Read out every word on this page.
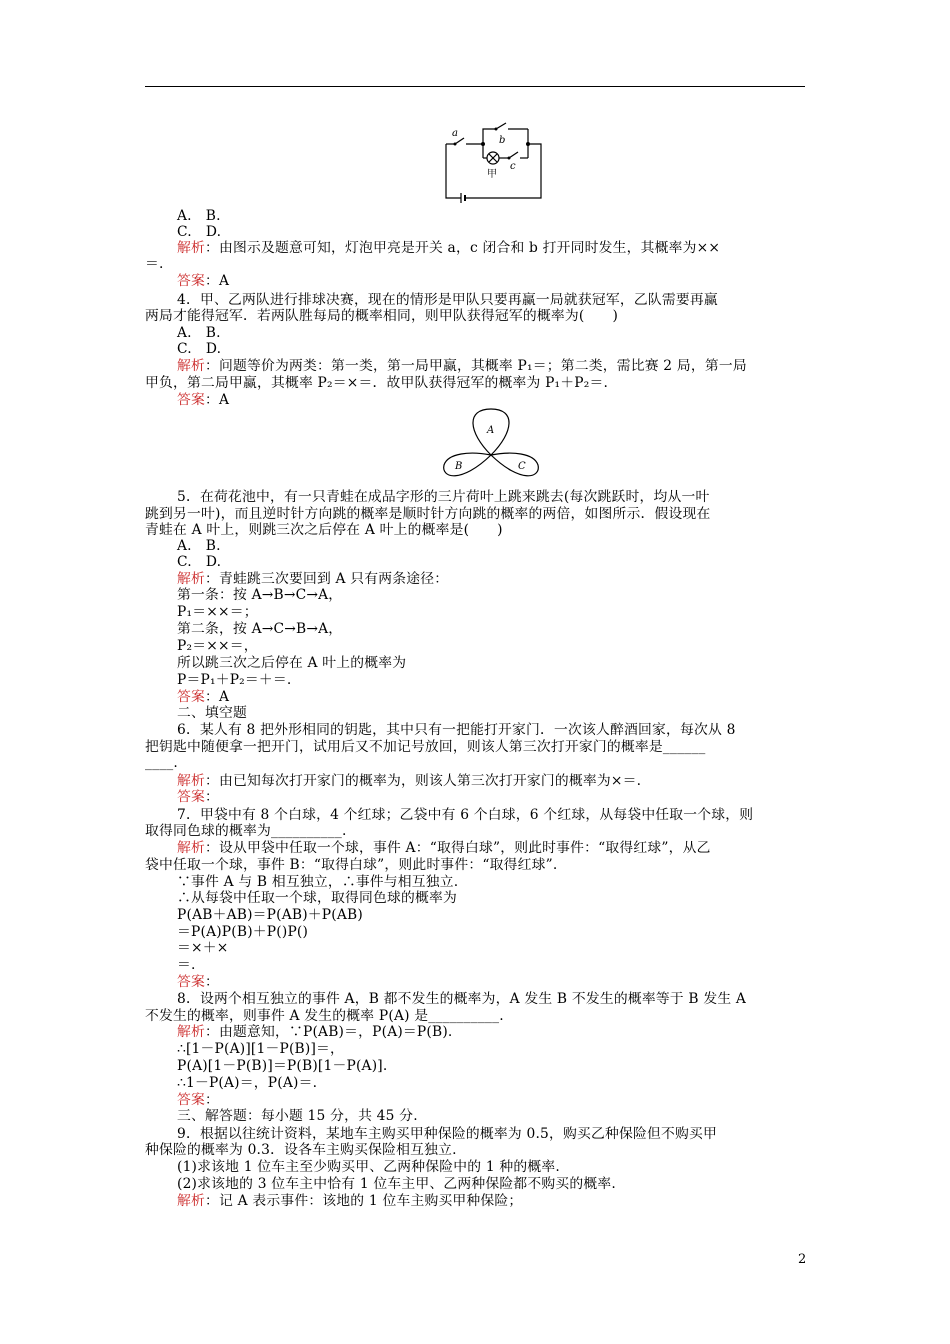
a
b
c
甲
A
B	C
A.　B.
C.　D.
解析：由图示及题意可知，灯泡甲亮是开关 a，c 闭合和 b 打开同时发生，其概率为××
＝.
答案：A
4．甲、乙两队进行排球决赛，现在的情形是甲队只要再赢一局就获冠军，乙队需要再赢
两局才能得冠军．若两队胜每局的概率相同，则甲队获得冠军的概率为(　　)
A.　B.
C.　D.
解析：问题等价为两类：第一类，第一局甲赢，其概率 P₁＝；第二类，需比赛 2 局，第一局
甲负，第二局甲赢，其概率 P₂＝×＝．故甲队获得冠军的概率为 P₁＋P₂＝.
答案：A
5．在荷花池中，有一只青蛙在成品字形的三片荷叶上跳来跳去(每次跳跃时，均从一叶
跳到另一叶)，而且逆时针方向跳的概率是顺时针方向跳的概率的两倍，如图所示．假设现在
青蛙在 A 叶上，则跳三次之后停在 A 叶上的概率是(　　)
A.　B.
C.　D.
解析：青蛙跳三次要回到 A 只有两条途径：
第一条：按 A→B→C→A，
P₁＝××＝；
第二条，按 A→C→B→A，
P₂＝××＝，
所以跳三次之后停在 A 叶上的概率为
P＝P₁＋P₂＝＋＝.
答案：A
二、填空题
6．某人有 8 把外形相同的钥匙，其中只有一把能打开家门．一次该人醉酒回家，每次从 8
把钥匙中随便拿一把开门，试用后又不加记号放回，则该人第三次打开家门的概率是______
____.
解析：由已知每次打开家门的概率为，则该人第三次打开家门的概率为×＝.
答案：
7．甲袋中有 8 个白球，4 个红球；乙袋中有 6 个白球，6 个红球，从每袋中任取一个球，则
取得同色球的概率为__________.
解析：设从甲袋中任取一个球，事件 A：“取得白球”，则此时事件：“取得红球”，从乙
袋中任取一个球，事件 B：“取得白球”，则此时事件：“取得红球”.
∵事件 A 与 B 相互独立，∴事件与相互独立.
∴从每袋中任取一个球，取得同色球的概率为
P(AB＋AB)＝P(AB)＋P(AB)
＝P(A)P(B)＋P()P()
＝×＋×
＝.
答案：
8．设两个相互独立的事件 A，B 都不发生的概率为，A 发生 B 不发生的概率等于 B 发生 A
不发生的概率，则事件 A 发生的概率 P(A) 是__________.
解析：由题意知，∵P(AB)＝，P(A)＝P(B).
∴[1－P(A)][1－P(B)]＝，
P(A)[1－P(B)]＝P(B)[1－P(A)].
∴1－P(A)＝，P(A)＝.
答案：
三、解答题：每小题 15 分，共 45 分.
9．根据以往统计资料，某地车主购买甲种保险的概率为 0.5，购买乙种保险但不购买甲
种保险的概率为 0.3．设各车主购买保险相互独立.
(1)求该地 1 位车主至少购买甲、乙两种保险中的 1 种的概率.
(2)求该地的 3 位车主中恰有 1 位车主甲、乙两种保险都不购买的概率.
解析：记 A 表示事件：该地的 1 位车主购买甲种保险；
2
